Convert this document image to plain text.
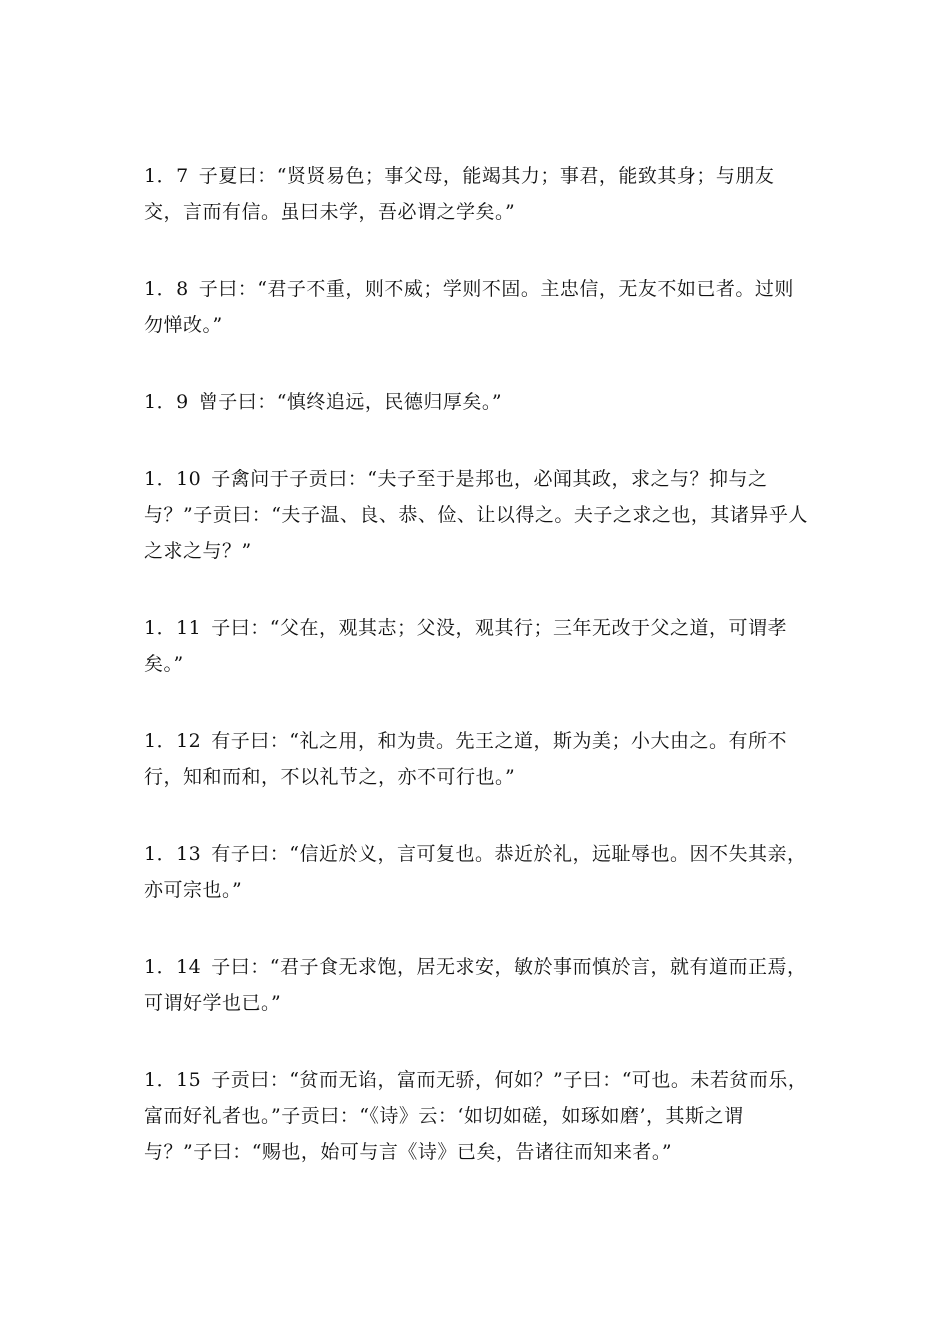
1．7 子夏曰：“贤贤易色；事父母，能竭其力；事君，能致其身；与朋友交，言而有信。虽曰未学，吾必谓之学矣。”

1．8 子曰：“君子不重，则不威；学则不固。主忠信，无友不如已者。过则勿惮改。”

1．9 曾子曰：“慎终追远，民德归厚矣。”

1．10 子禽问于子贡曰：“夫子至于是邦也，必闻其政，求之与？抑与之与？”子贡曰：“夫子温、良、恭、俭、让以得之。夫子之求之也，其诸异乎人之求之与？”

1．11 子曰：“父在，观其志；父没，观其行；三年无改于父之道，可谓孝矣。”

1．12 有子曰：“礼之用，和为贵。先王之道，斯为美；小大由之。有所不行，知和而和，不以礼节之，亦不可行也。”

1．13 有子曰：“信近於义，言可复也。恭近於礼，远耻辱也。因不失其亲，亦可宗也。”

1．14 子曰：“君子食无求饱，居无求安，敏於事而慎於言，就有道而正焉，可谓好学也已。”

1．15 子贡曰：“贫而无谄，富而无骄，何如？”子曰：“可也。未若贫而乐，富而好礼者也。”子贡曰：“《诗》云：‘如切如磋，如琢如磨’，其斯之谓与？”子曰：“赐也，始可与言《诗》已矣，告诸往而知来者。”
